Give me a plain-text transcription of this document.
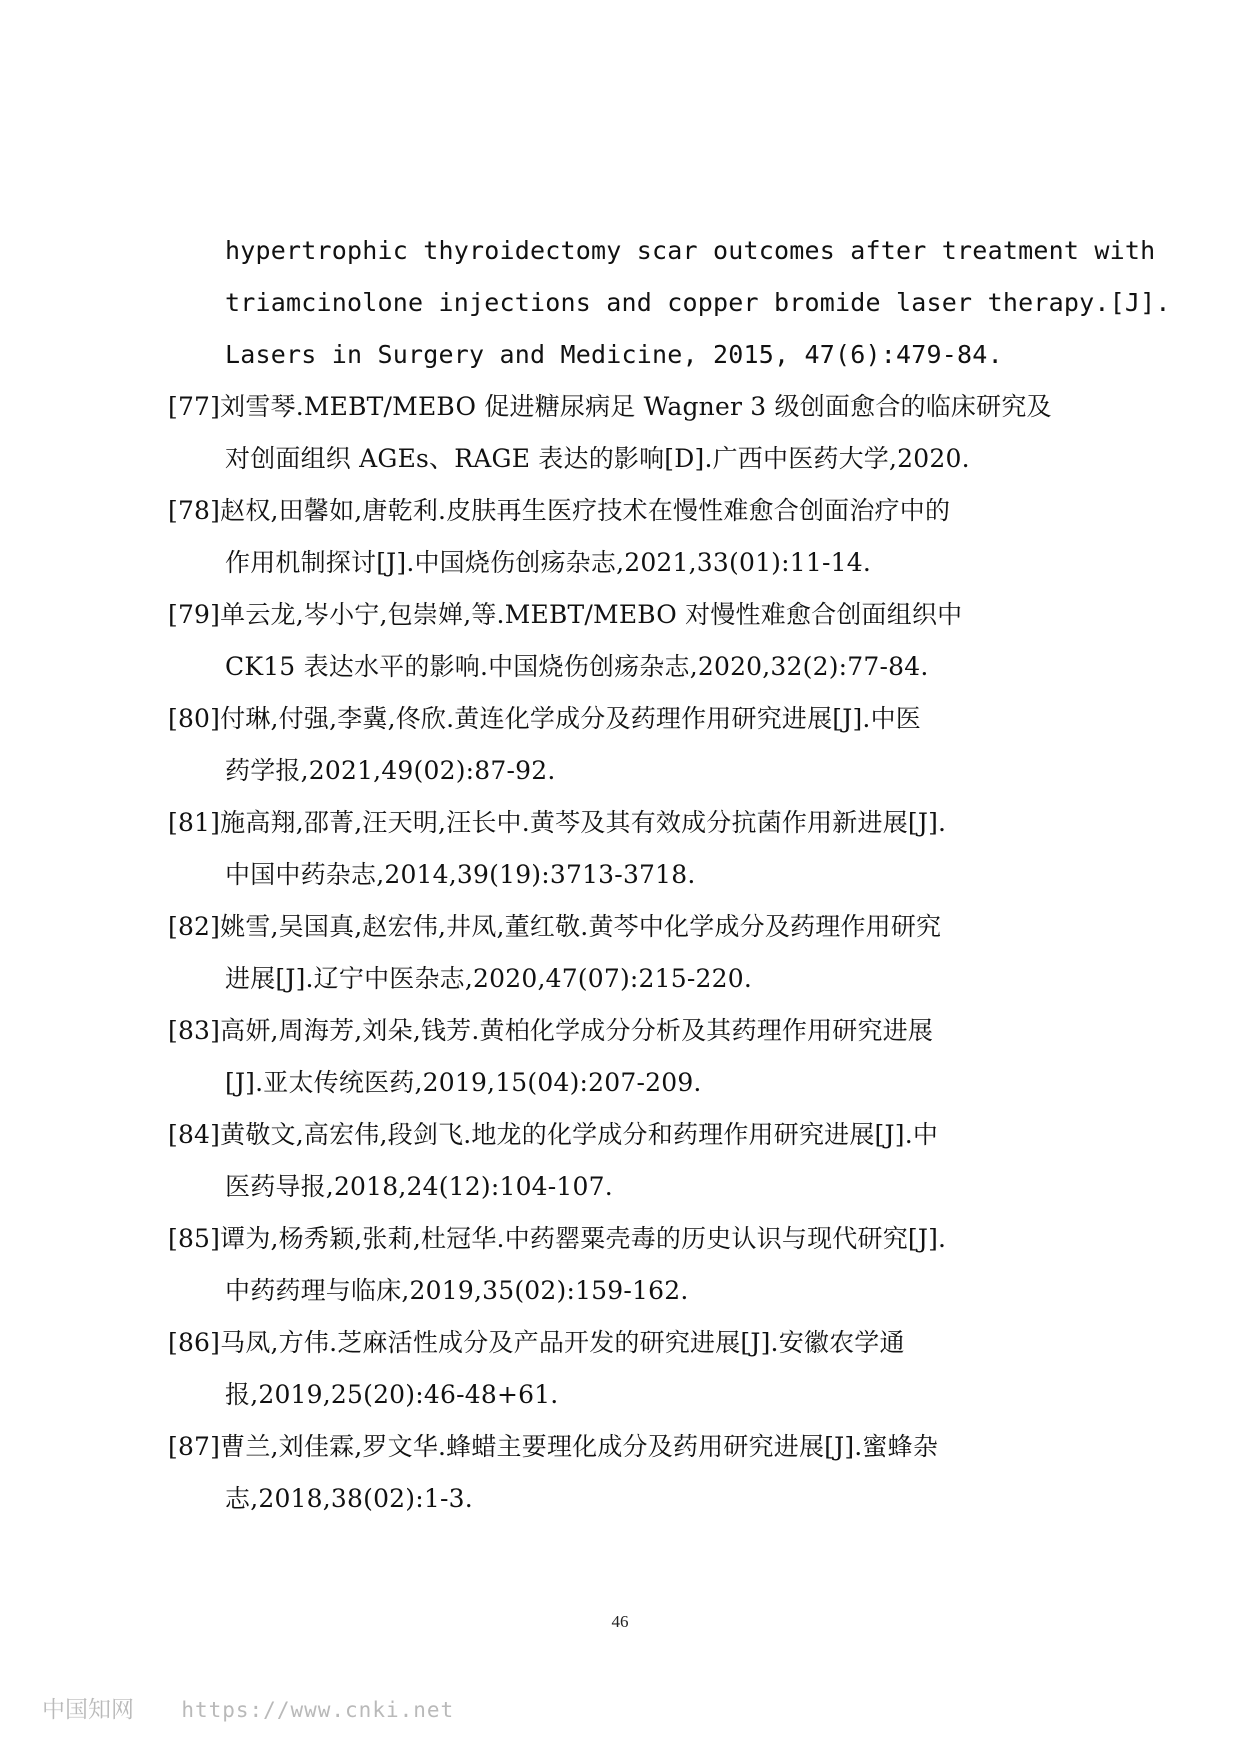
hypertrophic thyroidectomy scar outcomes after treatment with
triamcinolone injections and copper bromide laser therapy.[J].
Lasers in Surgery and Medicine, 2015, 47(6):479-84.
[77]刘雪琴.MEBT/MEBO 促进糖尿病足 Wagner 3 级创面愈合的临床研究及
对创面组织 AGEs、RAGE 表达的影响[D].广西中医药大学,2020.
[78]赵权,田馨如,唐乾利.皮肤再生医疗技术在慢性难愈合创面治疗中的
作用机制探讨[J].中国烧伤创疡杂志,2021,33(01):11-14.
[79]单云龙,岑小宁,包崇婵,等.MEBT/MEBO 对慢性难愈合创面组织中
CK15 表达水平的影响.中国烧伤创疡杂志,2020,32(2):77-84.
[80]付琳,付强,李冀,佟欣.黄连化学成分及药理作用研究进展[J].中医
药学报,2021,49(02):87-92.
[81]施高翔,邵菁,汪天明,汪长中.黄芩及其有效成分抗菌作用新进展[J].
中国中药杂志,2014,39(19):3713-3718.
[82]姚雪,吴国真,赵宏伟,井凤,董红敬.黄芩中化学成分及药理作用研究
进展[J].辽宁中医杂志,2020,47(07):215-220.
[83]高妍,周海芳,刘朵,钱芳.黄柏化学成分分析及其药理作用研究进展
[J].亚太传统医药,2019,15(04):207-209.
[84]黄敬文,高宏伟,段剑飞.地龙的化学成分和药理作用研究进展[J].中
医药导报,2018,24(12):104-107.
[85]谭为,杨秀颖,张莉,杜冠华.中药罂粟壳毒的历史认识与现代研究[J].
中药药理与临床,2019,35(02):159-162.
[86]马凤,方伟.芝麻活性成分及产品开发的研究进展[J].安徽农学通
报,2019,25(20):46-48+61.
[87]曹兰,刘佳霖,罗文华.蜂蜡主要理化成分及药用研究进展[J].蜜蜂杂
志,2018,38(02):1-3.
46
中国知网 https://www.cnki.net
